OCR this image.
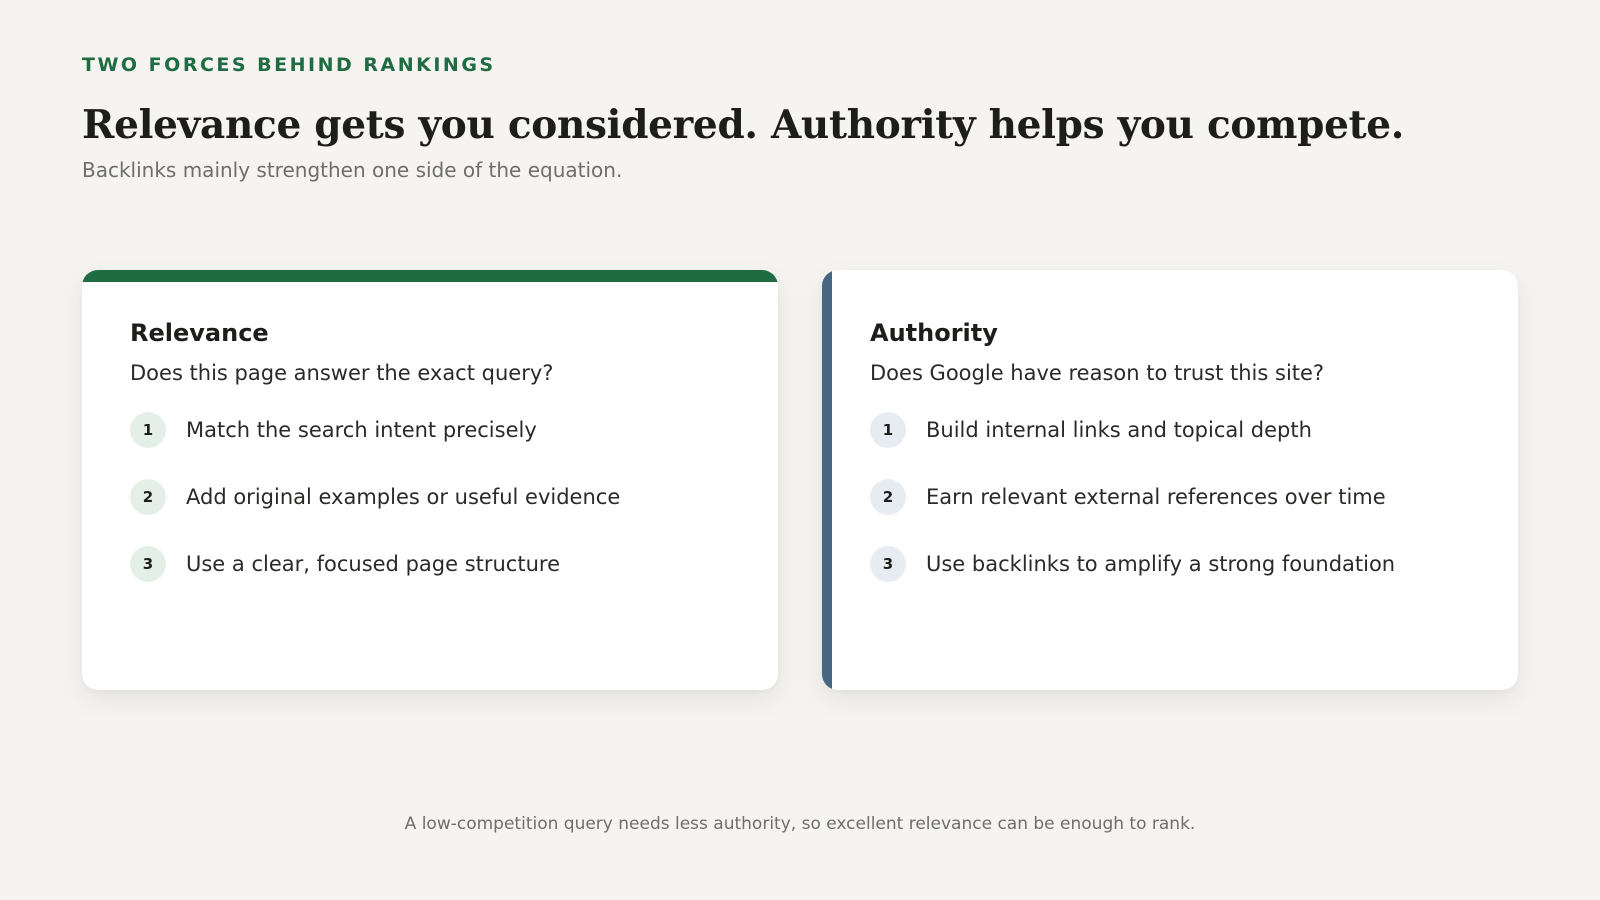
TWO FORCES BEHIND RANKINGS

Relevance gets you considered. Authority helps you compete.

Backlinks mainly strengthen one side of the equation.

Relevance

Does this page answer the exact query?

1	Match the search intent precisely
2	Add original examples or useful evidence
3	Use a clear, focused page structure
Authority

Does Google have reason to trust this site?

1	Build internal links and topical depth
2	Earn relevant external references over time
3	Use backlinks to amplify a strong foundation
A low-competition query needs less authority, so excellent relevance can be enough to rank.
